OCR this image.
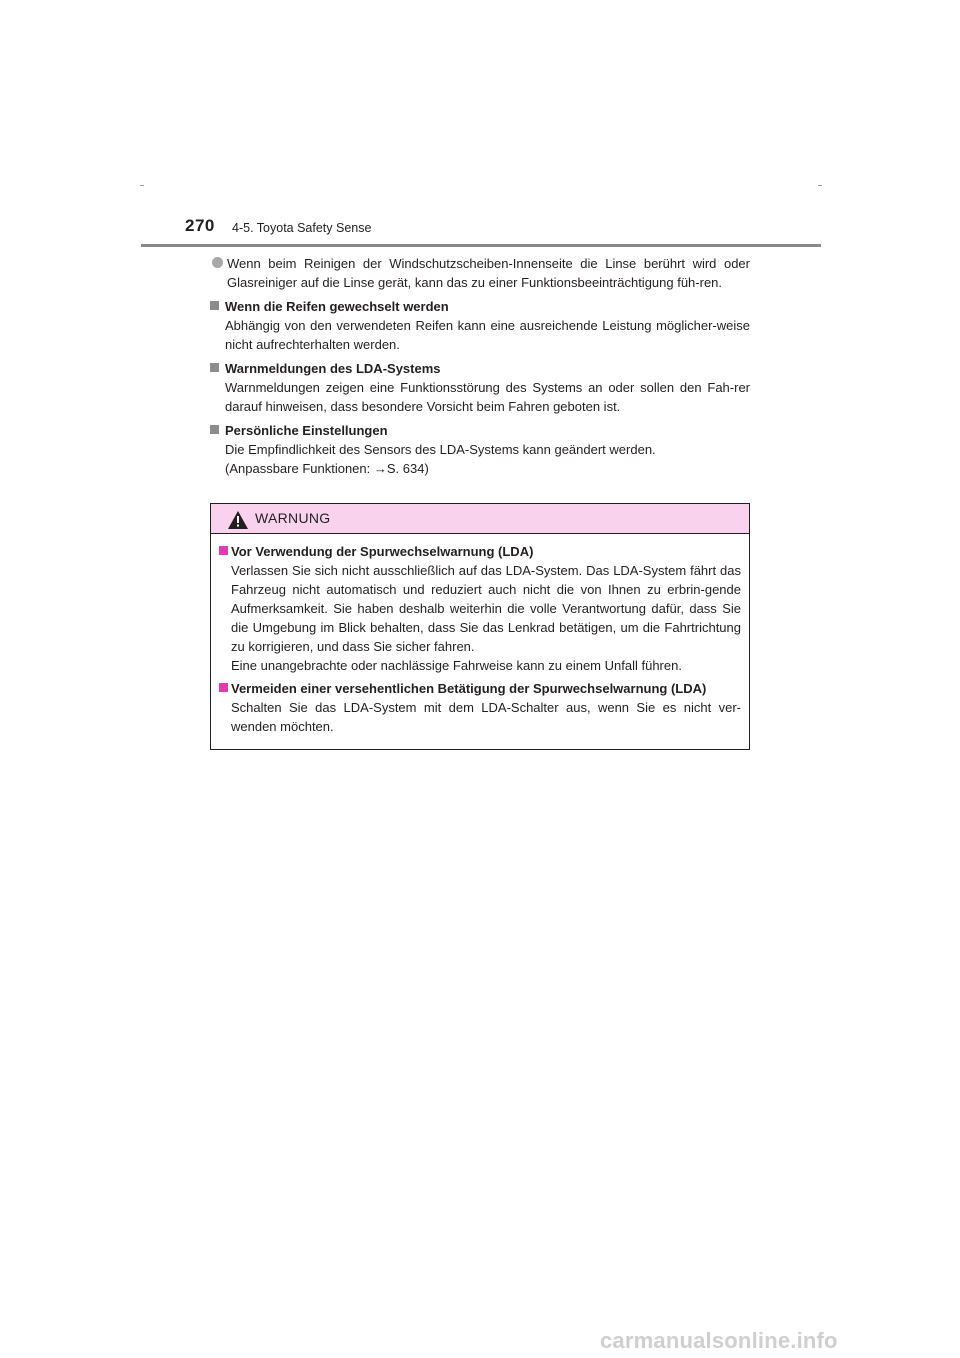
270 4-5. Toyota Safety Sense
Wenn beim Reinigen der Windschutzscheiben-Innenseite die Linse berührt wird oder Glasreiniger auf die Linse gerät, kann das zu einer Funktionsbeeinträchtigung füh-ren.
Wenn die Reifen gewechselt werden
Abhängig von den verwendeten Reifen kann eine ausreichende Leistung möglicher-weise nicht aufrechterhalten werden.
Warnmeldungen des LDA-Systems
Warnmeldungen zeigen eine Funktionsstörung des Systems an oder sollen den Fah-rer darauf hinweisen, dass besondere Vorsicht beim Fahren geboten ist.
Persönliche Einstellungen
Die Empfindlichkeit des Sensors des LDA-Systems kann geändert werden.
(Anpassbare Funktionen: →S. 634)
WARNUNG
Vor Verwendung der Spurwechselwarnung (LDA)
Verlassen Sie sich nicht ausschließlich auf das LDA-System. Das LDA-System fährt das Fahrzeug nicht automatisch und reduziert auch nicht die von Ihnen zu erbrin-gende Aufmerksamkeit. Sie haben deshalb weiterhin die volle Verantwortung dafür, dass Sie die Umgebung im Blick behalten, dass Sie das Lenkrad betätigen, um die Fahrtrichtung zu korrigieren, und dass Sie sicher fahren.
Eine unangebrachte oder nachlässige Fahrweise kann zu einem Unfall führen.
Vermeiden einer versehentlichen Betätigung der Spurwechselwarnung (LDA)
Schalten Sie das LDA-System mit dem LDA-Schalter aus, wenn Sie es nicht ver-wenden möchten.
carmanualsonline.info
